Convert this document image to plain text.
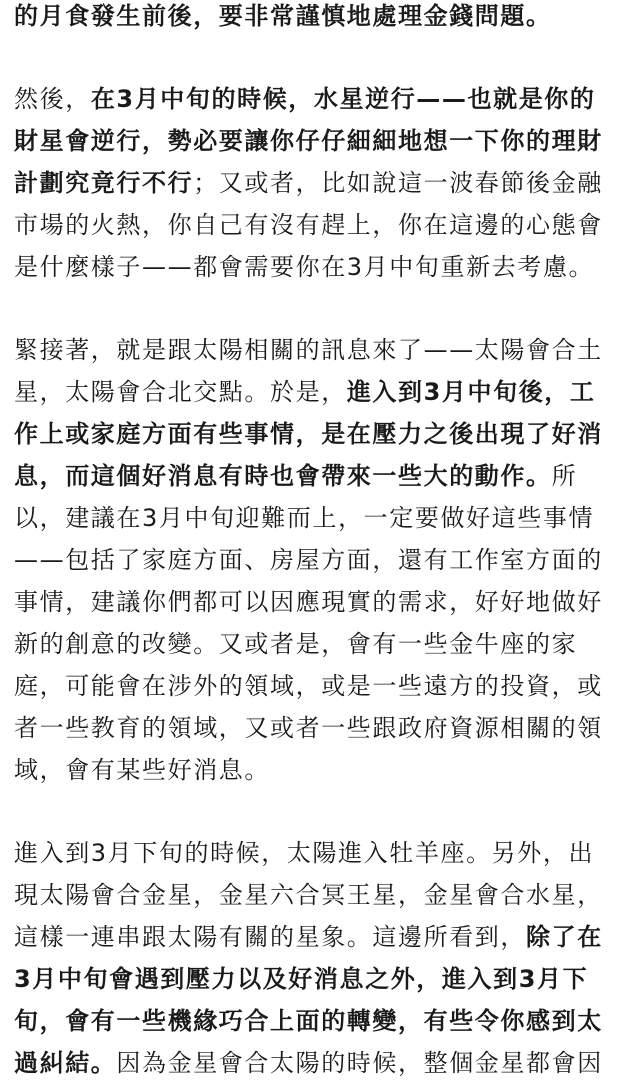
的月食發生前後，要非常謹慎地處理金錢問題。
然後，在3月中旬的時候，水星逆行——也就是你的
財星會逆行，勢必要讓你仔仔細細地想一下你的理財
計劃究竟行不行；又或者，比如說這一波春節後金融
市場的火熱，你自己有沒有趕上，你在這邊的心態會
是什麼樣子——都會需要你在3月中旬重新去考慮。
緊接著，就是跟太陽相關的訊息來了——太陽會合土
星，太陽會合北交點。於是，進入到3月中旬後，工
作上或家庭方面有些事情，是在壓力之後出現了好消
息，而這個好消息有時也會帶來一些大的動作。所
以，建議在3月中旬迎難而上，一定要做好這些事情
——包括了家庭方面、房屋方面，還有工作室方面的
事情，建議你們都可以因應現實的需求，好好地做好
新的創意的改變。又或者是，會有一些金牛座的家
庭，可能會在涉外的領域，或是一些遠方的投資，或
者一些教育的領域，又或者一些跟政府資源相關的領
域，會有某些好消息。
進入到3月下旬的時候，太陽進入牡羊座。另外，出
現太陽會合金星，金星六合冥王星，金星會合水星，
這樣一連串跟太陽有關的星象。這邊所看到，除了在
3月中旬會遇到壓力以及好消息之外，進入到3月下
旬，會有一些機緣巧合上面的轉變，有些令你感到太
過糾結。因為金星會合太陽的時候，整個金星都會因
